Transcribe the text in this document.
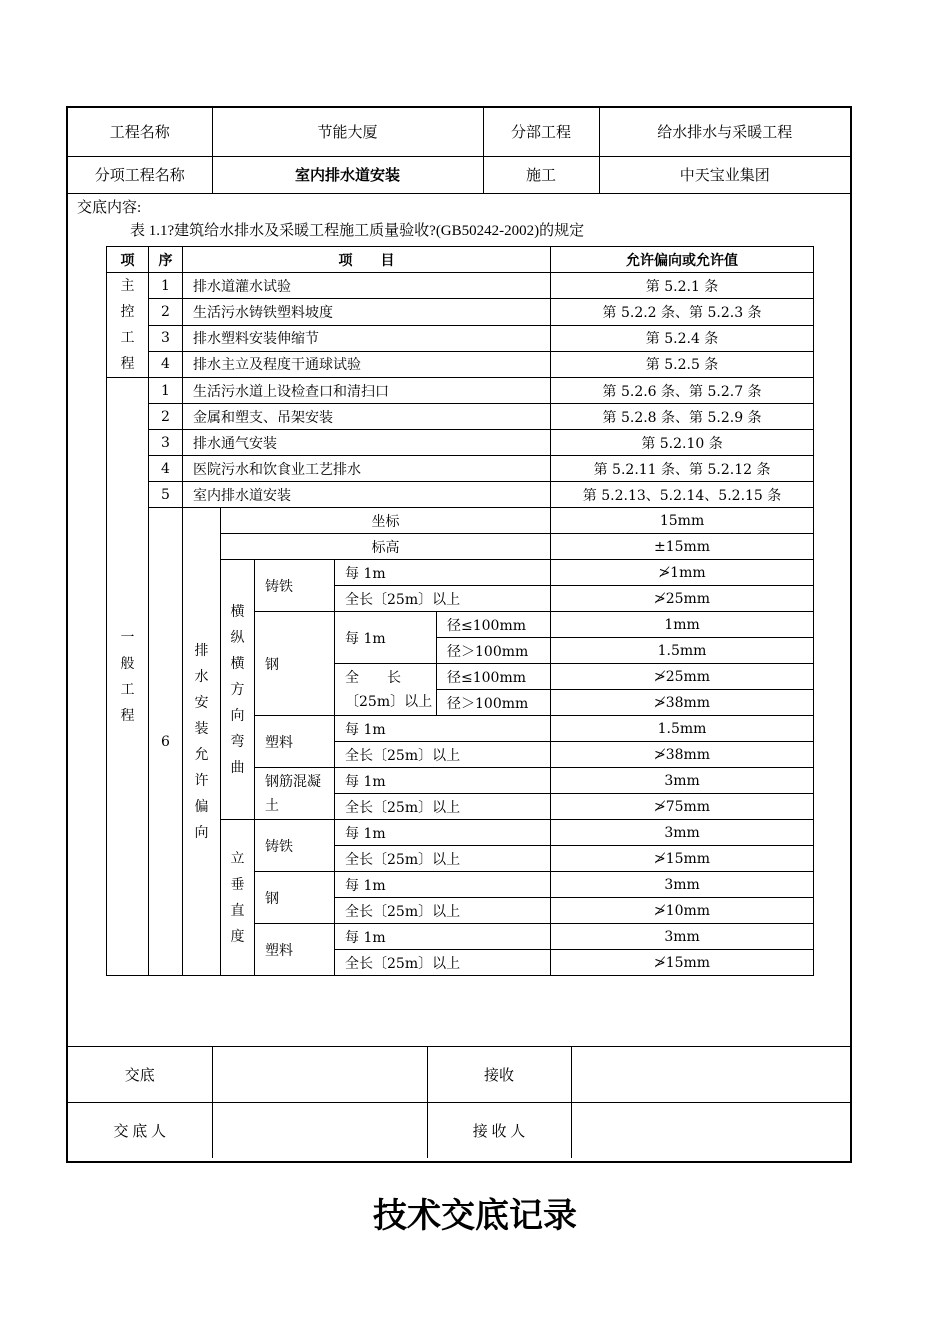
工程名称	节能大厦	分部工程	给水排水与采暖工程
分项工程名称	室内排水道安装	施工	中天宝业集团
交底内容:
表 1.1?建筑给水排水及采暖工程施工质量验收?(GB50242-2002)的规定
项	序	项　　目					允许偏向或允许值
主控工程	1	排水道灌水试验					第 5.2.1 条
	2	生活污水铸铁塑料坡度					第 5.2.2 条、第 5.2.3 条
	3	排水塑料安装伸缩节					第 5.2.4 条
	4	排水主立及程度干通球试验					第 5.2.5 条
一般工程	1	生活污水道上设检查口和清扫口					第 5.2.6 条、第 5.2.7 条
	2	金属和塑支、吊架安装					第 5.2.8 条、第 5.2.9 条
	3	排水通气安装					第 5.2.10 条
	4	医院污水和饮食业工艺排水					第 5.2.11 条、第 5.2.12 条
	5	室内排水道安装					第 5.2.13、5.2.14、5.2.15 条
	6	排水安装允许偏向	坐标				15mm
			标高				±15mm
			横纵横方向弯曲	铸铁	每 1m		≯1mm
					全长〔25m〕以上		≯25mm
				钢	每 1m	径≤100mm	1mm
						径＞100mm	1.5mm
					全　　长〔25m〕以上	径≤100mm	≯25mm
						径＞100mm	≯38mm

				塑料	每 1m		1.5mm
					全长〔25m〕以上		≯38mm
				钢筋混凝土	每 1m		3mm
					全长〔25m〕以上		≯75mm
			立垂直度	铸铁	每 1m		3mm
					全长〔25m〕以上		≯15mm
				钢	每 1m		3mm
					全长〔25m〕以上		≯10mm
				塑料	每 1m		3mm
					全长〔25m〕以上		≯15mm
交底		接收	
交 底 人		接 收 人	
技术交底记录
